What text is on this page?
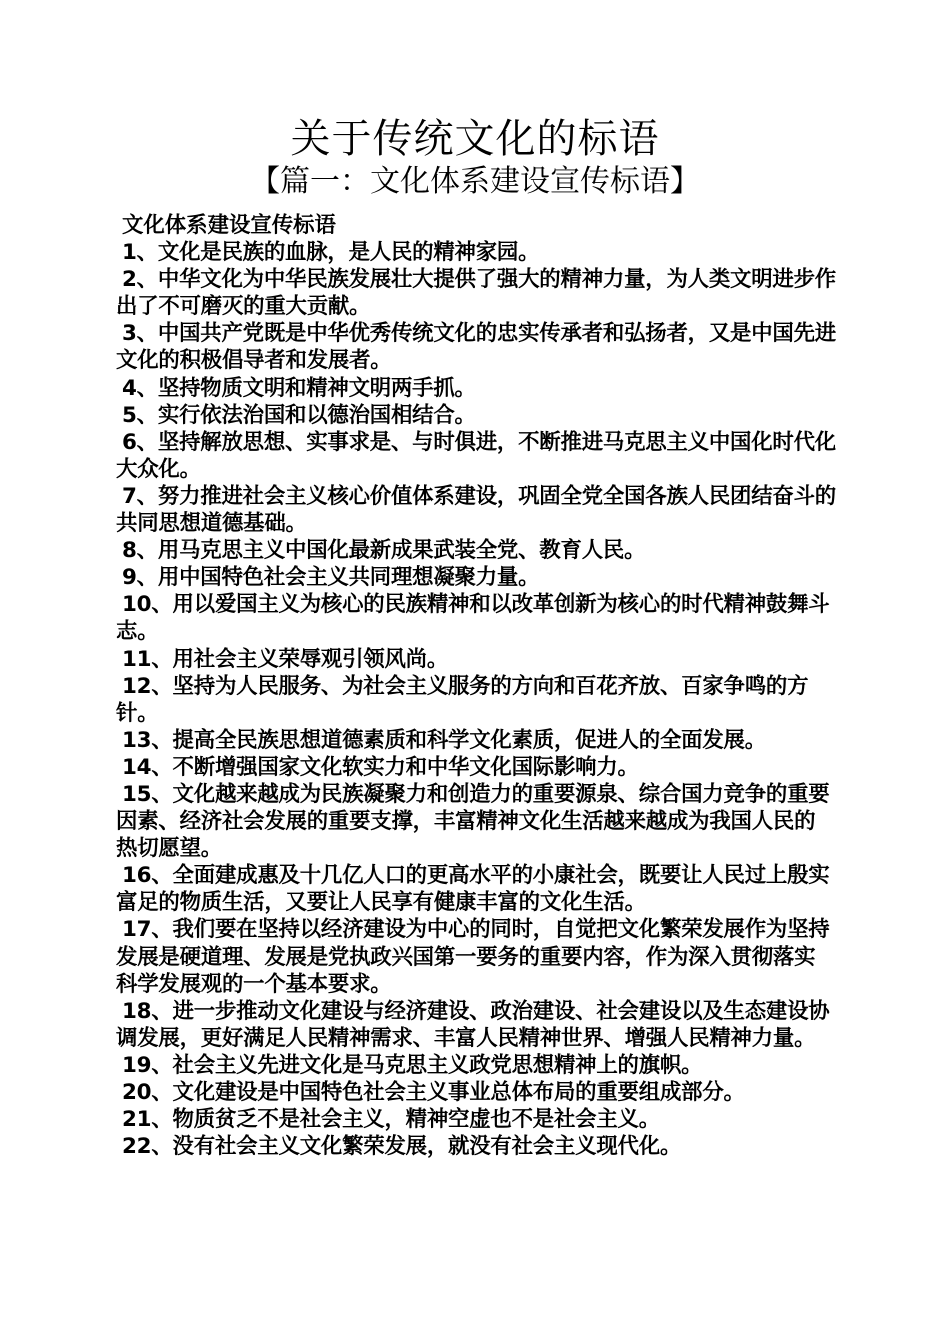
关于传统文化的标语
【篇一：文化体系建设宣传标语】
文化体系建设宣传标语
1、文化是民族的血脉，是人民的精神家园。
2、中华文化为中华民族发展壮大提供了强大的精神力量，为人类文明进步作出了不可磨灭的重大贡献。
3、中国共产党既是中华优秀传统文化的忠实传承者和弘扬者，又是中国先进文化的积极倡导者和发展者。
4、坚持物质文明和精神文明两手抓。
5、实行依法治国和以德治国相结合。
6、坚持解放思想、实事求是、与时俱进，不断推进马克思主义中国化时代化大众化。
7、努力推进社会主义核心价值体系建设，巩固全党全国各族人民团结奋斗的共同思想道德基础。
8、用马克思主义中国化最新成果武装全党、教育人民。
9、用中国特色社会主义共同理想凝聚力量。
10、用以爱国主义为核心的民族精神和以改革创新为核心的时代精神鼓舞斗志。
11、用社会主义荣辱观引领风尚。
12、坚持为人民服务、为社会主义服务的方向和百花齐放、百家争鸣的方针。
13、提高全民族思想道德素质和科学文化素质，促进人的全面发展。
14、不断增强国家文化软实力和中华文化国际影响力。
15、文化越来越成为民族凝聚力和创造力的重要源泉、综合国力竞争的重要因素、经济社会发展的重要支撑，丰富精神文化生活越来越成为我国人民的热切愿望。
16、全面建成惠及十几亿人口的更高水平的小康社会，既要让人民过上殷实富足的物质生活，又要让人民享有健康丰富的文化生活。
17、我们要在坚持以经济建设为中心的同时，自觉把文化繁荣发展作为坚持发展是硬道理、发展是党执政兴国第一要务的重要内容，作为深入贯彻落实科学发展观的一个基本要求。
18、进一步推动文化建设与经济建设、政治建设、社会建设以及生态建设协调发展，更好满足人民精神需求、丰富人民精神世界、增强人民精神力量。
19、社会主义先进文化是马克思主义政党思想精神上的旗帜。
20、文化建设是中国特色社会主义事业总体布局的重要组成部分。
21、物质贫乏不是社会主义，精神空虚也不是社会主义。
22、没有社会主义文化繁荣发展，就没有社会主义现代化。
